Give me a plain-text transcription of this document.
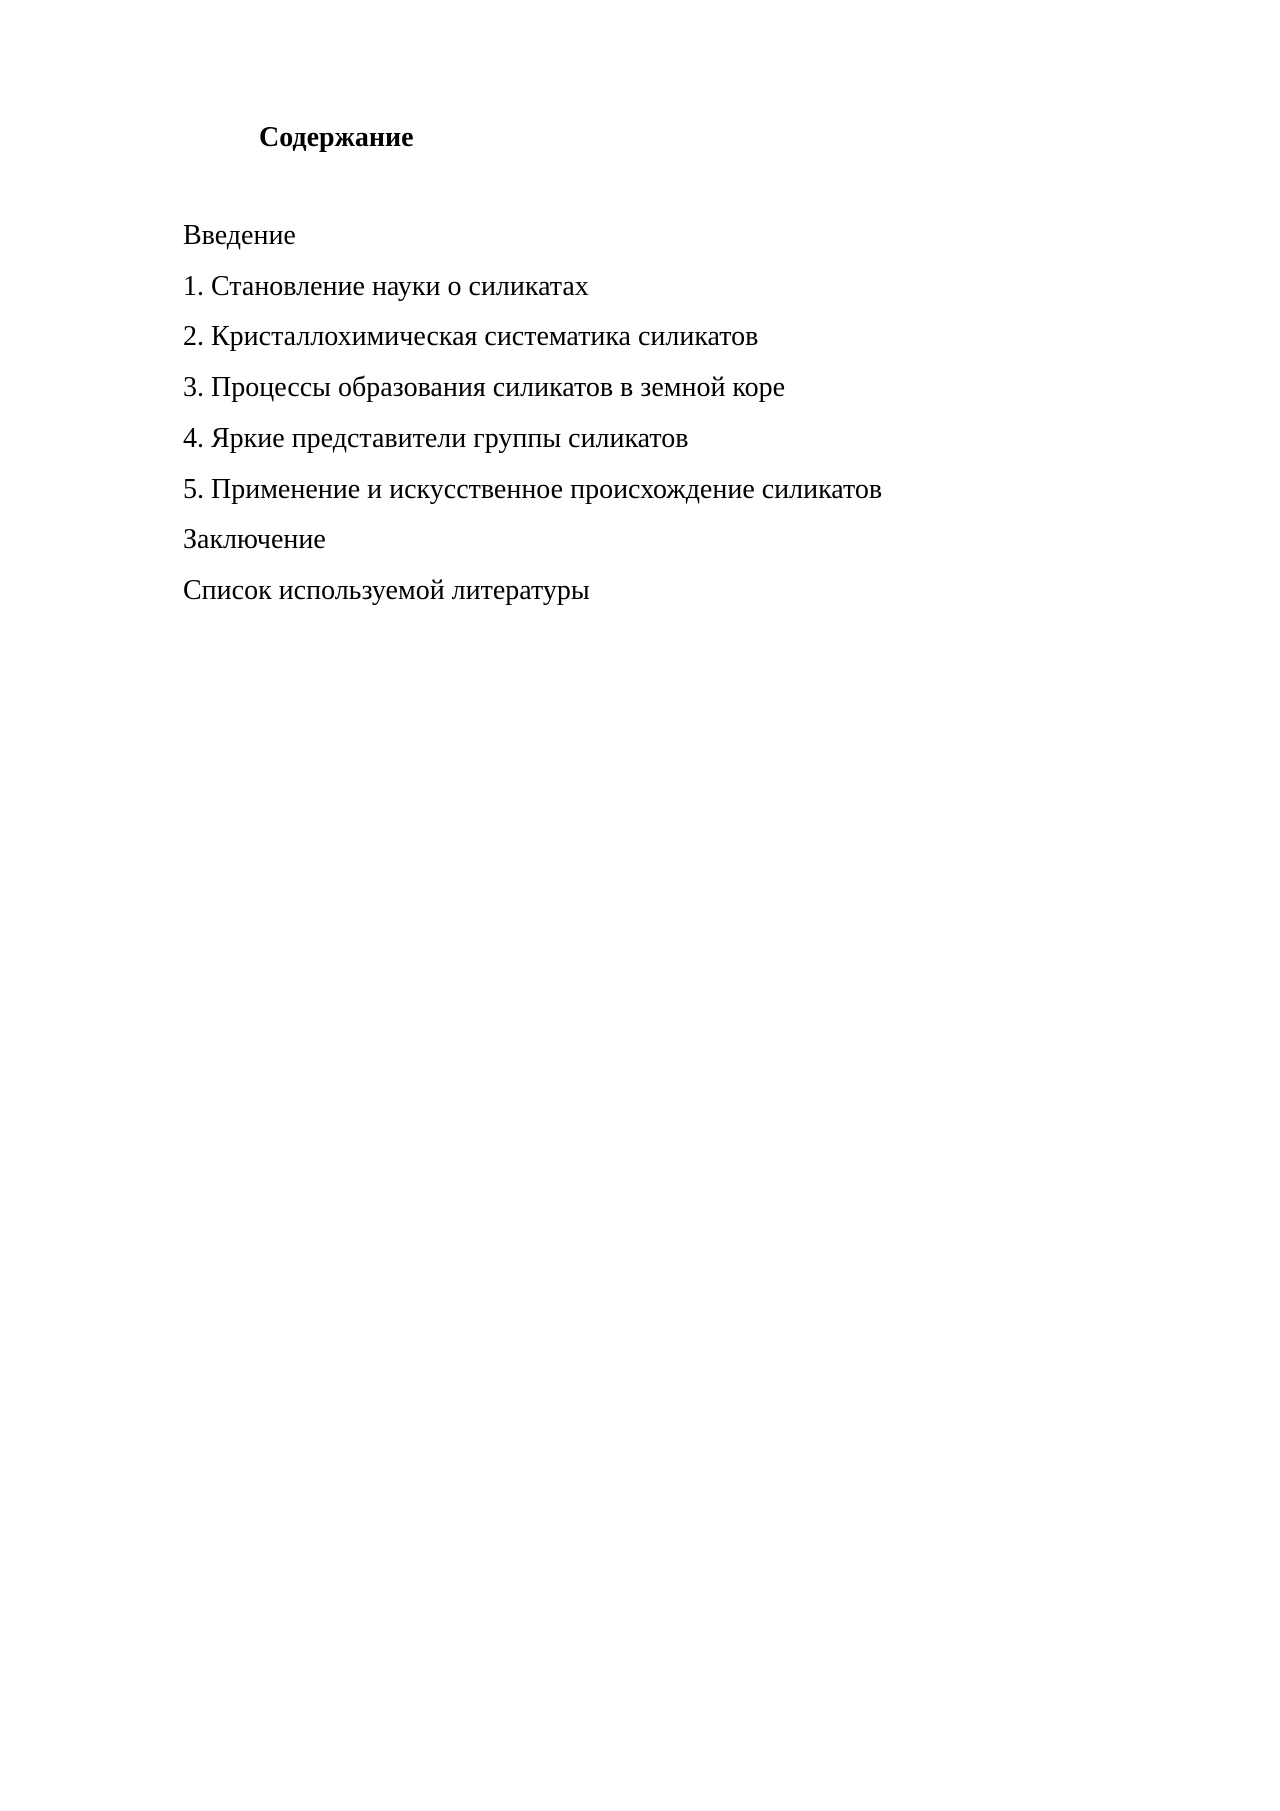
Содержание
Введение
1. Становление науки о силикатах
2. Кристаллохимическая систематика силикатов
3. Процессы образования силикатов в земной коре
4. Яркие представители группы силикатов
5. Применение и искусственное происхождение силикатов
Заключение
Список используемой литературы
